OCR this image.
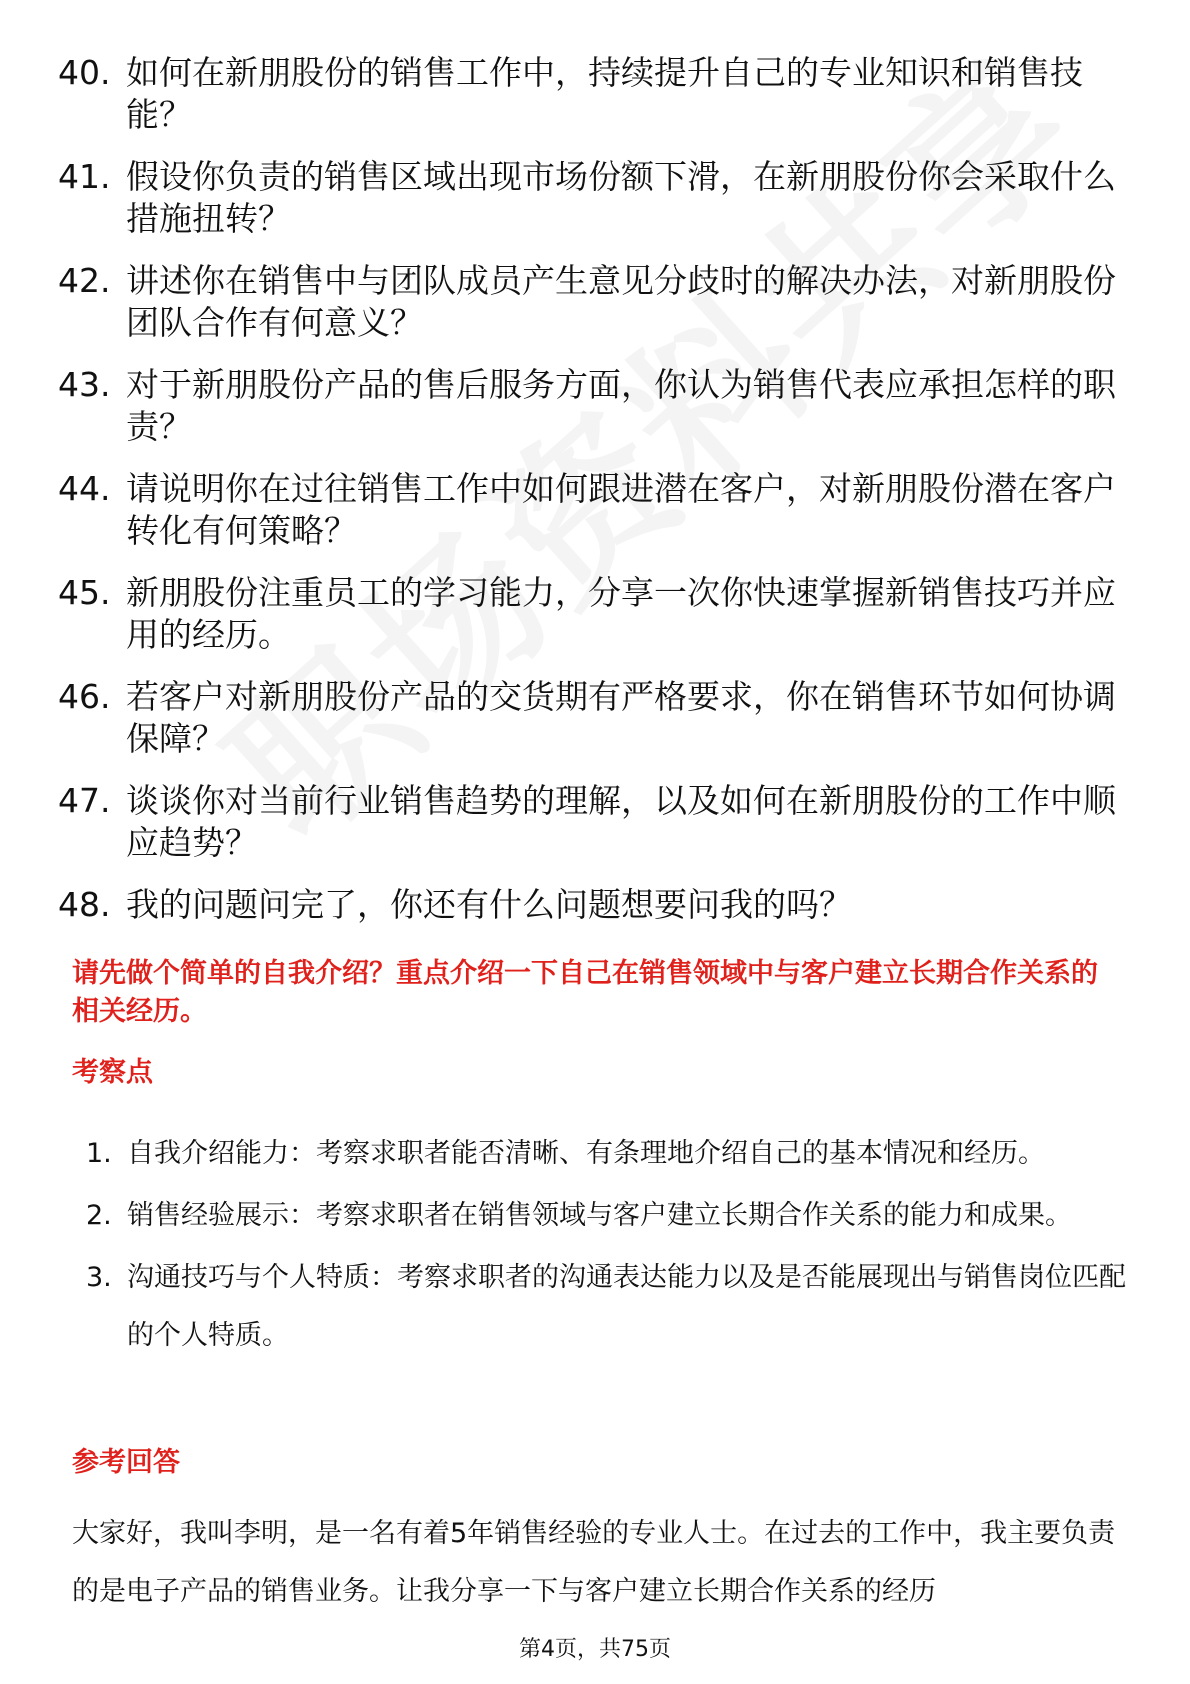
40. 如何在新朋股份的销售工作中，持续提升自己的专业知识和销售技能？
41. 假设你负责的销售区域出现市场份额下滑，在新朋股份你会采取什么措施扭转？
42. 讲述你在销售中与团队成员产生意见分歧时的解决办法，对新朋股份团队合作有何意义？
43. 对于新朋股份产品的售后服务方面，你认为销售代表应承担怎样的职责？
44. 请说明你在过往销售工作中如何跟进潜在客户，对新朋股份潜在客户转化有何策略？
45. 新朋股份注重员工的学习能力，分享一次你快速掌握新销售技巧并应用的经历。
46. 若客户对新朋股份产品的交货期有严格要求，你在销售环节如何协调保障？
47. 谈谈你对当前行业销售趋势的理解，以及如何在新朋股份的工作中顺应趋势？
48. 我的问题问完了，你还有什么问题想要问我的吗？
请先做个简单的自我介绍？重点介绍一下自己在销售领域中与客户建立长期合作关系的相关经历。
考察点
1. 自我介绍能力：考察求职者能否清晰、有条理地介绍自己的基本情况和经历。
2. 销售经验展示：考察求职者在销售领域与客户建立长期合作关系的能力和成果。
3. 沟通技巧与个人特质：考察求职者的沟通表达能力以及是否能展现出与销售岗位匹配的个人特质。
参考回答
大家好，我叫李明，是一名有着5年销售经验的专业人士。在过去的工作中，我主要负责的是电子产品的销售业务。让我分享一下与客户建立长期合作关系的经历
第4页，共75页
